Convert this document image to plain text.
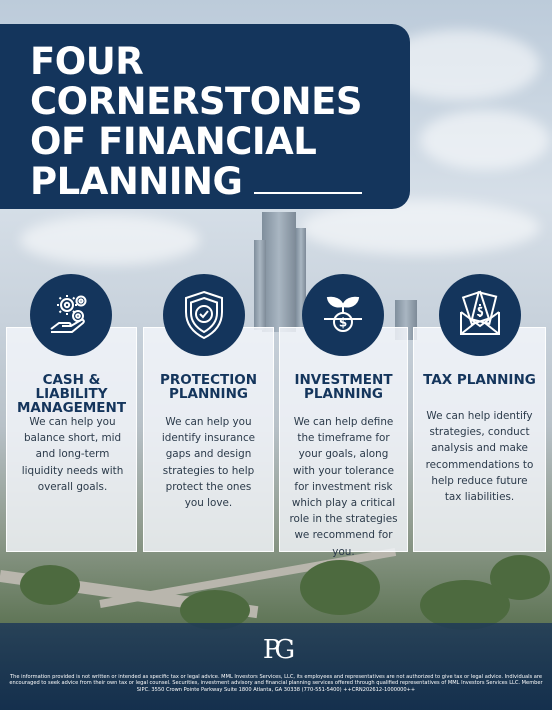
FOUR
CORNERSTONES
OF FINANCIAL
PLANNING
CASH & LIABILITY
MANAGEMENT
We can help you balance short, mid and long-term liquidity needs with overall goals.
PROTECTION
PLANNING
We can help you identify insurance gaps and design strategies to help protect the ones you love.
INVESTMENT
PLANNING
We can help define the timeframe for your goals, along with your tolerance for investment risk which play a critical role in the strategies we recommend for you.
$
TAX PLANNING
We can help identify strategies, conduct analysis and make recommendations to help reduce future tax liabilities.
PG
The information provided is not written or intended as specific tax or legal advice. MML Investors Services, LLC, its employees and representatives are not authorized to give tax or legal advice. Individuals are encouraged to seek advice from their own tax or legal counsel. Securities, investment advisory and financial planning services offered through qualified representatives of MML Investors Services LLC. Member SIPC. 3550 Crown Pointe Parkway Suite 1800 Atlanta, GA 30338 (770-551-5400) ++CRN202612-1000000++
